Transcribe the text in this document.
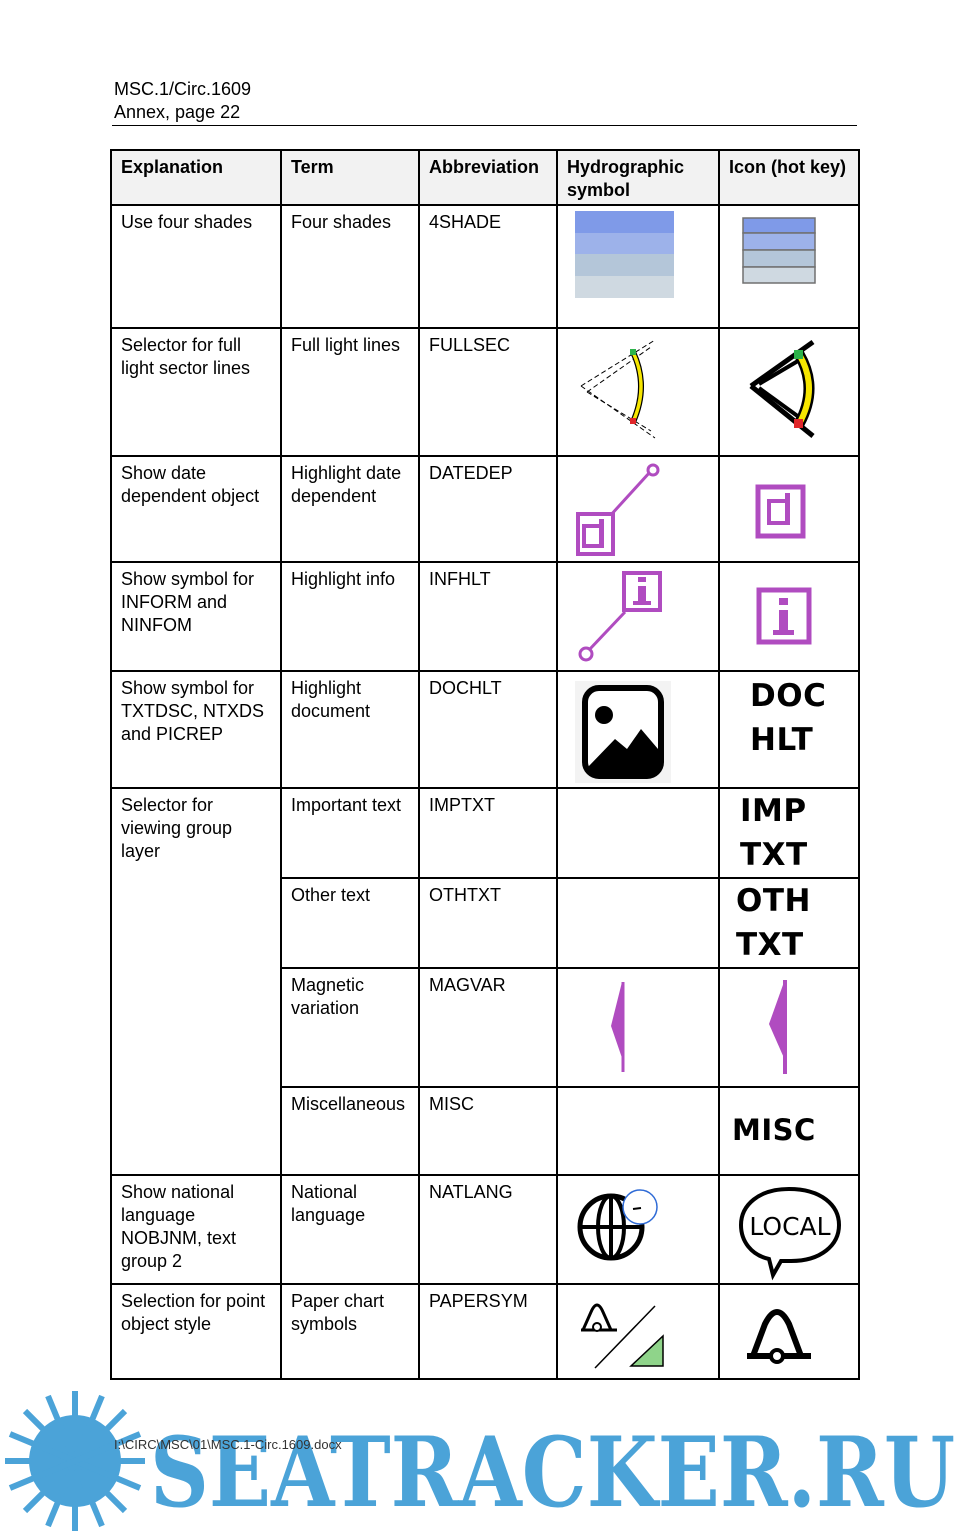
MSC.1/Circ.1609
Annex, page 22
Explanation	Term	Abbreviation	Hydrographic symbol	Icon (hot key)
Use four shades	Four shades	4SHADE	

Selector for full light sector lines	Full light lines	FULLSEC	

Show date dependent object	Highlight date dependent	DATEDEP	

Show symbol for INFORM and NINFOM	Highlight info	INFHLT	

Show symbol for TXTDSC, NTXDS and PICREP	Highlight document	DOCHLT		DOC
HLT

Selector for viewing group layer	Important text	IMPTXT		IMP
TXT

	Other text	OTHTXT		OTH
TXT

	Magnetic variation	MAGVAR	

	Miscellaneous	MISC		MISC

Show national language NOBJNM, text group 2	National language	NATLANG		LOCAL

Selection for point object style	Paper chart symbols	PAPERSYM	

SEATRACKER.RU
I:\CIRC\MSC\01\MSC.1-Circ.1609.docx
